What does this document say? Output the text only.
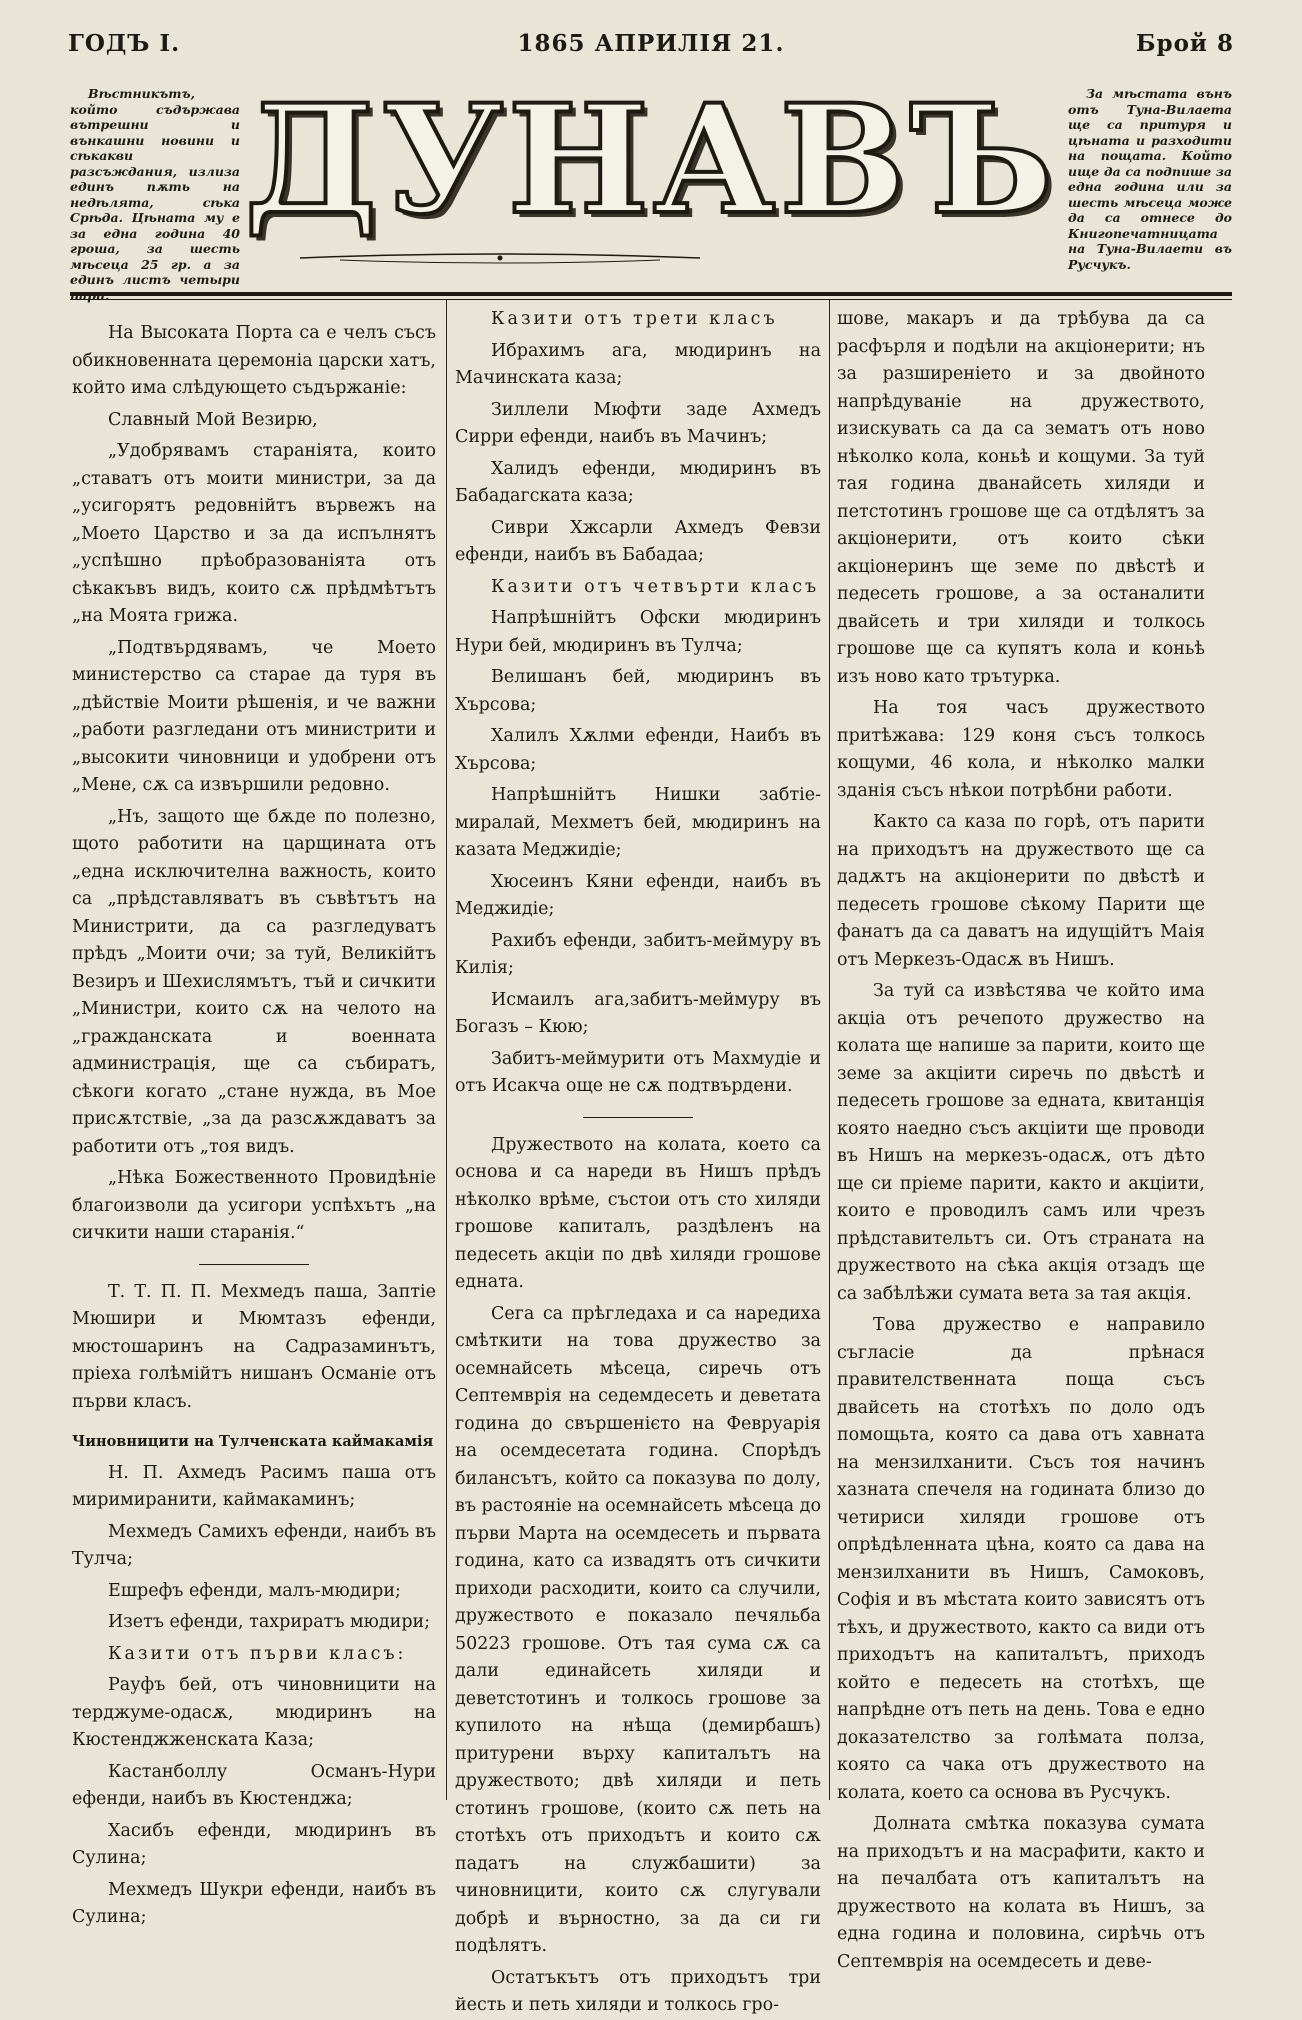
ГОДЪ I.	1865 АПРИЛІЯ 21.	Брой 8
Вѣстникътъ, който съдържава вътрешни и вънкашни новини и сѣкакви разсъждания, излиза единъ пѫть на недѣлята, сѣка Срѣда. Цѣната му е за една година 40 гроша, за шесть мѣсеца 25 гр. а за единъ листъ четыри пари.
ДУНАВЪ	За мѣстата вънъ отъ Туна-Вилаета ще са притуря и цѣната и разходити на пощата. Който ище да са подпише за една година или за шесть мѣсеца може да са отнесе до Книгопечатницата на Туна-Вилаети въ Русчукъ.

На Высоката Порта са е челъ съсъ обикновенната церемоніа царски хатъ, който има слѣдующето съдържаніе:

Славный Мой Везирю,

„Удобрявамъ стараніята, които „ставатъ отъ моити министри, за да „усигорятъ редовнійтъ вървежъ на „Моето Царство и за да испълнятъ „успѣшно прѣобразованіята отъ сѣкакъвъ видъ, които сѫ прѣдмѣтътъ „на Моята грижа.

„Подтвърдявамъ, че Моето министерство са старае да туря въ „дѣйствіе Моити рѣшенія, и че важни „работи разгледани отъ министрити и „высокити чиновници и удобрени отъ „Мене, сѫ са извършили редовно.

„Нъ, защото ще бѫде по полезно, щото работити на царщината отъ „една исключителна важность, които са „прѣдставляватъ въ съвѣтътъ на Министрити, да са разгледуватъ прѣдъ „Моити очи; за туй, Великійтъ Везиръ и Шехислямътъ, тъй и сичкити „Министри, които сѫ на челото на „гражданската и военната администрація, ще са събиратъ, сѣкоги когато „стане нужда, въ Мое присѫтствіе, „за да разсѫждаватъ за работити отъ „тоя видъ.

„Нѣка Божественното Провидѣніе благоизволи да усигори успѣхътъ „на сичкити наши старанія.“

Т. Т. П. П. Мехмедъ паша, Заптіе Мюшири и Мюмтазъ ефенди, мюстошаринъ на Садразаминътъ, пріеха голѣмійтъ нишанъ Османіе отъ първи класъ.

Чиновницити на Тулченската каймакамія

Н. П. Ахмедъ Расимъ паша отъ миримиранити, каймакаминъ;

Мехмедъ Самихъ ефенди, наибъ въ Тулча;

Ешрефъ ефенди, малъ-мюдири;

Изетъ ефенди, тахриратъ мюдири;

Казити отъ първи класъ:

Рауфъ бей, отъ чиновницити на терджуме-одасѫ, мюдиринъ на Кюстенджженската Каза;

Кастанболлу Османъ-Нури ефенди, наибъ въ Кюстенджа;

Хасибъ ефенди, мюдиринъ въ Сулина;

Мехмедъ Шукри ефенди, наибъ въ Сулина;

Казити отъ трети класъ

Ибрахимъ ага, мюдиринъ на Мачинската каза;

Зиллели Мюфти заде Ахмедъ Сирри ефенди, наибъ въ Мачинъ;

Халидъ ефенди, мюдиринъ въ Бабадагската каза;

Сиври Хжсарли Ахмедъ Февзи ефенди, наибъ въ Бабадаа;

Казити отъ четвърти класъ

Напрѣшнійтъ Офски мюдиринъ Нури бей, мюдиринъ въ Тулча;

Велишанъ бей, мюдиринъ въ Хърсова;

Халилъ Хѫлми ефенди, Наибъ въ Хърсова;

Напрѣшнійтъ Нишки забтіе-миралай, Мехметъ бей, мюдиринъ на казата Меджидіе;

Хюсеинъ Кяни ефенди, наибъ въ Меджидіе;

Рахибъ ефенди, забитъ-меймуру въ Килія;

Исмаилъ ага,забитъ-меймуру въ Богазъ – Кюю;

Забитъ-меймурити отъ Махмудіе и отъ Исакча още не сѫ подтвърдени.

Дружеството на колата, което са основа и са нареди въ Нишъ прѣдъ нѣколко врѣме, състои отъ сто хиляди грошове капиталъ, раздѣленъ на педесеть акціи по двѣ хиляди грошове едната.

Сега са прѣгледаха и са наредиха смѣткити на това дружество за осемнайсеть мѣсеца, сиречь отъ Септемврія на седемдесеть и деветата година до свършенієто на Февруарія на осемдесетата година. Спорѣдъ билансътъ, който са показува по долу, въ растояніе на осемнайсеть мѣсеца до първи Марта на осемдесеть и първата година, като са извадятъ отъ сичкити приходи расходити, които са случили, дружеството е показало печяльба 50223 грошове. Отъ тая сума сѫ са дали единайсеть хиляди и деветстотинъ и толкось грошове за купилото на нѣща (демирбашъ) притурени върху капиталътъ на дружеството; двѣ хиляди и петь стотинъ грошове, (които сѫ петь на стотѣхъ отъ приходътъ и които сѫ падатъ на службашити) за чиновницити, които сѫ слугували добрѣ и върностно, за да си ги подѣлятъ.

Остатъкътъ отъ приходътъ три йесть и петь хиляди и толкось гро-

шове, макаръ и да трѣбува да са расфърля и подѣли на акціонерити; нъ за разширеніето и за двойното напрѣдуваніе на дружеството, изискувать са да са зематъ отъ ново нѣколко кола, коньѣ и кощуми. За туй тая година дванайсеть хиляди и петстотинъ грошове ще са отдѣлятъ за акціонерити, отъ които сѣки акціонеринъ ще земе по двѣстѣ и педесеть грошове, а за останалити двайсеть и три хиляди и толкось грошове ще са купятъ кола и коньѣ изъ ново като трътурка.

На тоя часъ дружеството притѣжава: 129 коня съсъ толкось кощуми, 46 кола, и нѣколко малки зданія съсъ нѣкои потрѣбни работи.

Както са каза по горѣ, отъ парити на приходътъ на дружеството ще са дадѫтъ на акціонерити по двѣстѣ и педесеть грошове сѣкому Парити ще фанатъ да са даватъ на идущійтъ Маія отъ Меркезъ-Одасѫ въ Нишъ.

За туй са извѣстява че който има акціа отъ речепото дружество на колата ще напише за парити, които ще земе за акціити сиречь по двѣстѣ и педесеть грошове за едната, квитанція която наедно съсъ акціити ще проводи въ Нишъ на меркезъ-одасѫ, отъ дѣто ще си пріеме парити, както и акціити, които е проводилъ самъ или чрезъ прѣдставительтъ си. Отъ страната на дружеството на сѣка акція отзадъ ще са забѣлѣжи сумата вета за тая акція.

Това дружество е направило съгласіе да прѣнася правителственната поща съсъ двайсеть на стотѣхъ по доло одъ помощьта, която са дава отъ хавната на мензилханити. Съсъ тоя начинъ хазната спечеля на годината близо до четириси хиляди грошове отъ опрѣдѣленната цѣна, която са дава на мензилханити въ Нишъ, Самоковъ, Софія и въ мѣстата които зависятъ отъ тѣхъ, и дружеството, както са види отъ приходътъ на капиталътъ, приходъ който е педесеть на стотѣхъ, ще напрѣдне отъ петь на день. Това е едно доказателство за голѣмата полза, която са чака отъ дружеството на колата, което са основа въ Русчукъ.

Долната смѣтка показува сумата на приходътъ и на масрафити, както и на печалбата отъ капиталътъ на дружеството на колата въ Нишъ, за една година и половина, сирѣчь отъ Септемврія на осемдесеть и деве-
